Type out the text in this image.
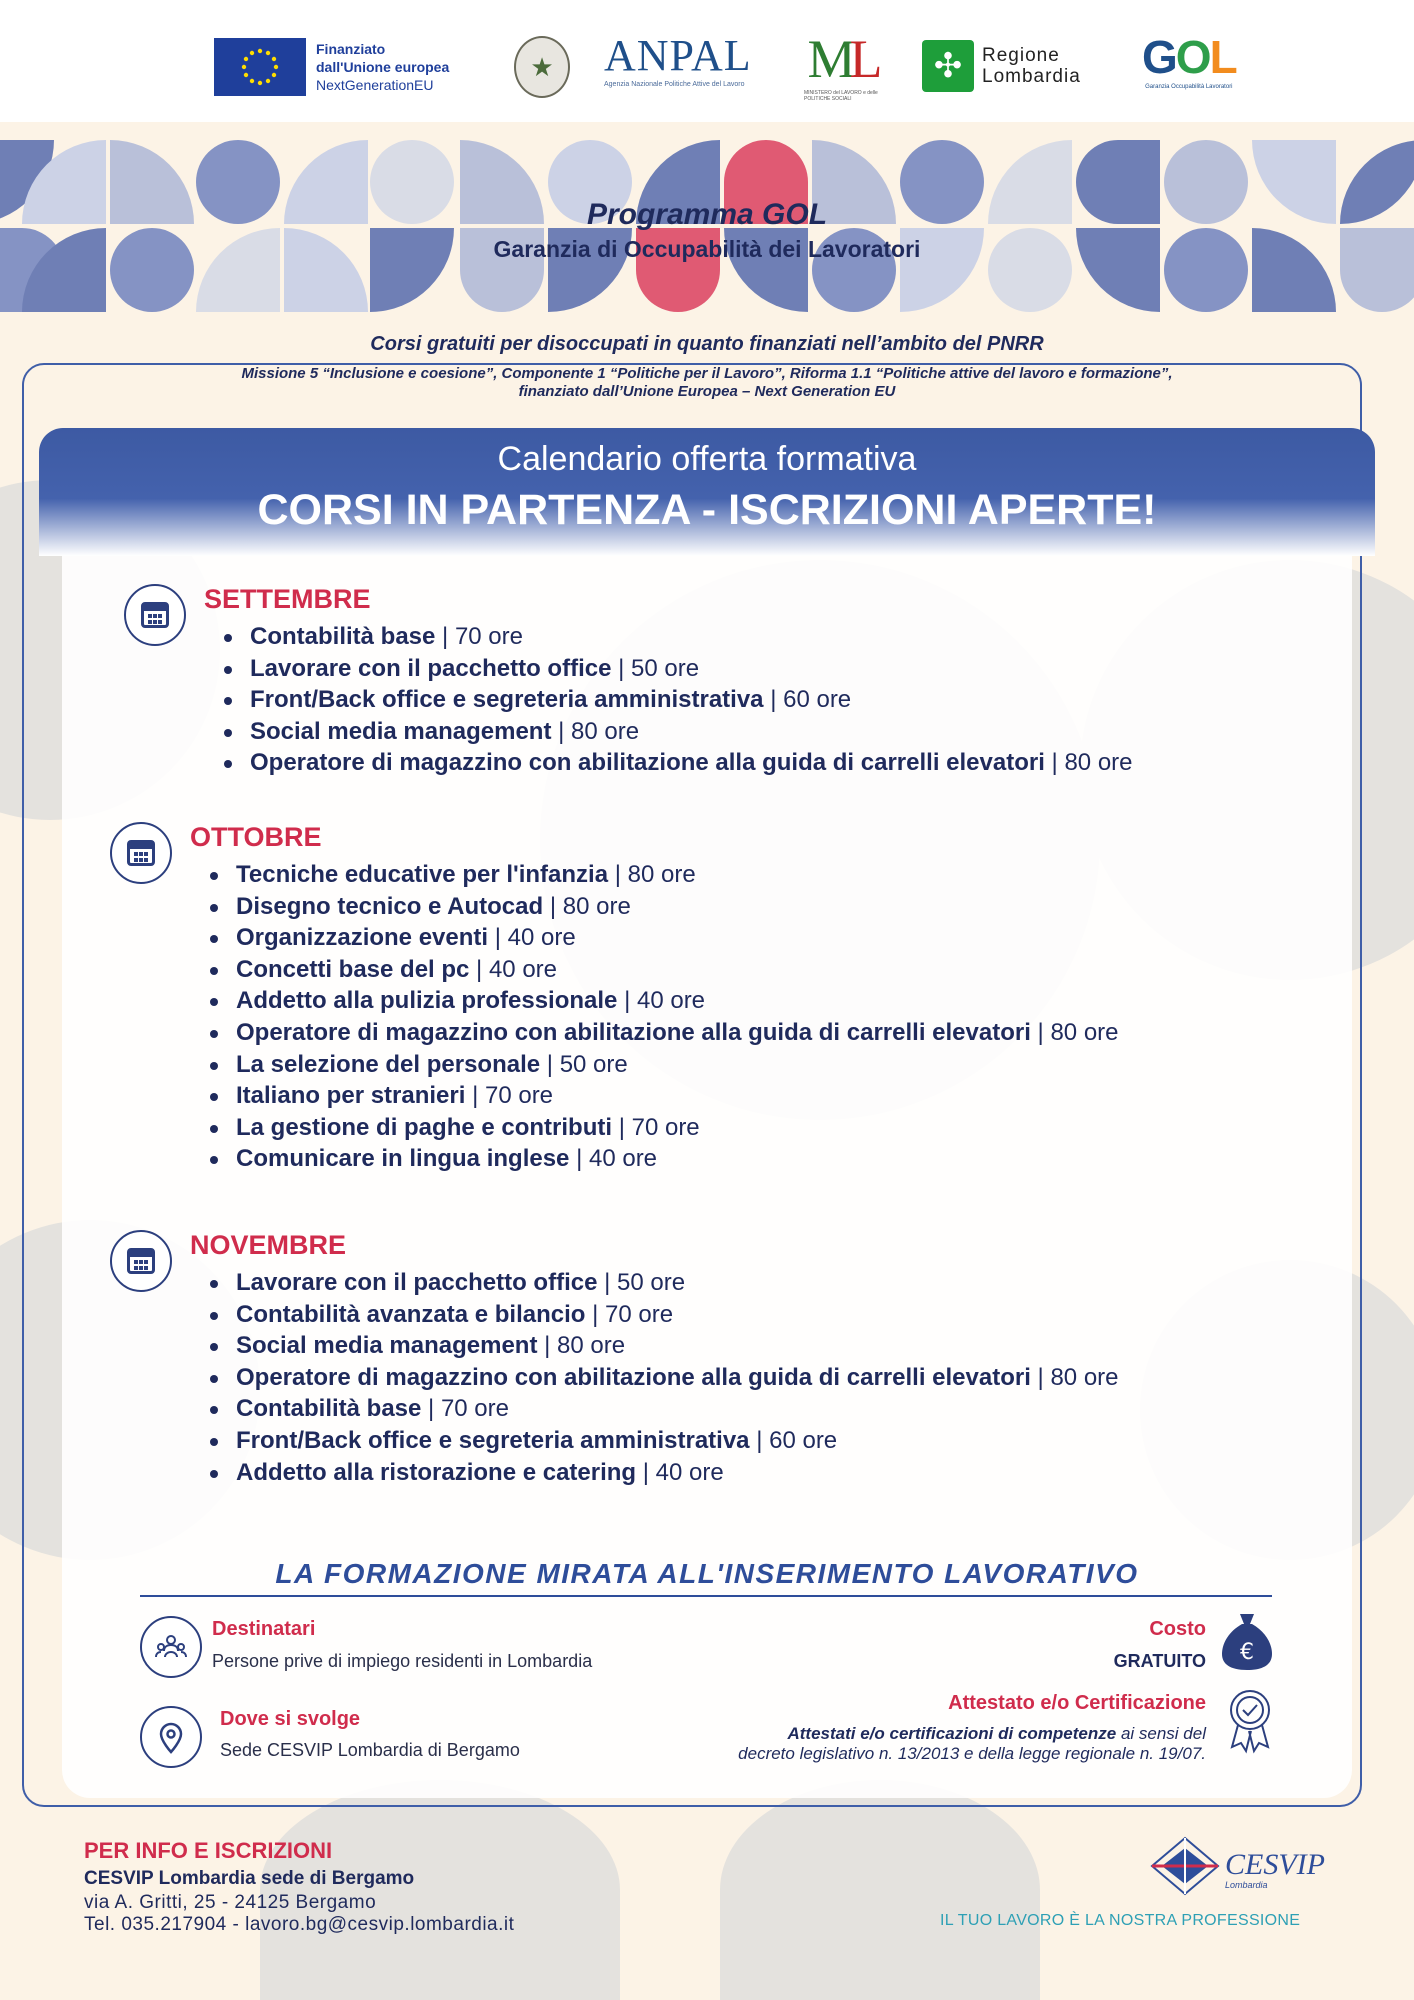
Finanziato
dall'Unione europea
NextGenerationEU
★	ANPAL
Agenzia Nazionale Politiche Attive del Lavoro ML
MINISTERO del LAVORO e delle POLITICHE SOCIALI
✣	Regione
Lombardia GOL
Garanzia Occupabilità Lavoratori
Programma GOL
Garanzia di Occupabilità dei Lavoratori
Corsi gratuiti per disoccupati in quanto finanziati nell’ambito del PNRR
Missione 5 “Inclusione e coesione”, Componente 1 “Politiche per il Lavoro”, Riforma 1.1 “Politiche attive del lavoro e formazione”,
finanziato dall’Unione Europea – Next Generation EU
Calendario offerta formativa
CORSI IN PARTENZA - ISCRIZIONI APERTE!
SETTEMBRE
Contabilità base | 70 ore
Lavorare con il pacchetto office | 50 ore
Front/Back office e segreteria amministrativa | 60 ore
Social media management | 80 ore
Operatore di magazzino con abilitazione alla guida di carrelli elevatori | 80 ore
OTTOBRE
Tecniche educative per l'infanzia | 80 ore
Disegno tecnico e Autocad | 80 ore
Organizzazione eventi | 40 ore
Concetti base del pc | 40 ore
Addetto alla pulizia professionale | 40 ore
Operatore di magazzino con abilitazione alla guida di carrelli elevatori | 80 ore
La selezione del personale | 50 ore
Italiano per stranieri | 70 ore
La gestione di paghe e contributi | 70 ore
Comunicare in lingua inglese | 40 ore
NOVEMBRE
Lavorare con il pacchetto office | 50 ore
Contabilità avanzata e bilancio | 70 ore
Social media management | 80 ore
Operatore di magazzino con abilitazione alla guida di carrelli elevatori | 80 ore
Contabilità base | 70 ore
Front/Back office e segreteria amministrativa | 60 ore
Addetto alla ristorazione e catering | 40 ore
LA FORMAZIONE MIRATA ALL'INSERIMENTO LAVORATIVO
Destinatari
Persone prive di impiego residenti in Lombardia
Dove si svolge
Sede CESVIP Lombardia di Bergamo
Costo
GRATUITO €
Attestato e/o Certificazione
Attestati e/o certificazioni di competenze ai sensi del
decreto legislativo n. 13/2013 e della legge regionale n. 19/07.
PER INFO E ISCRIZIONI
CESVIP Lombardia sede di Bergamo
via A. Gritti, 25 - 24125 Bergamo
Tel. 035.217904 - lavoro.bg@cesvip.lombardia.it
CESVIP
Lombardia
IL TUO LAVORO È LA NOSTRA PROFESSIONE
